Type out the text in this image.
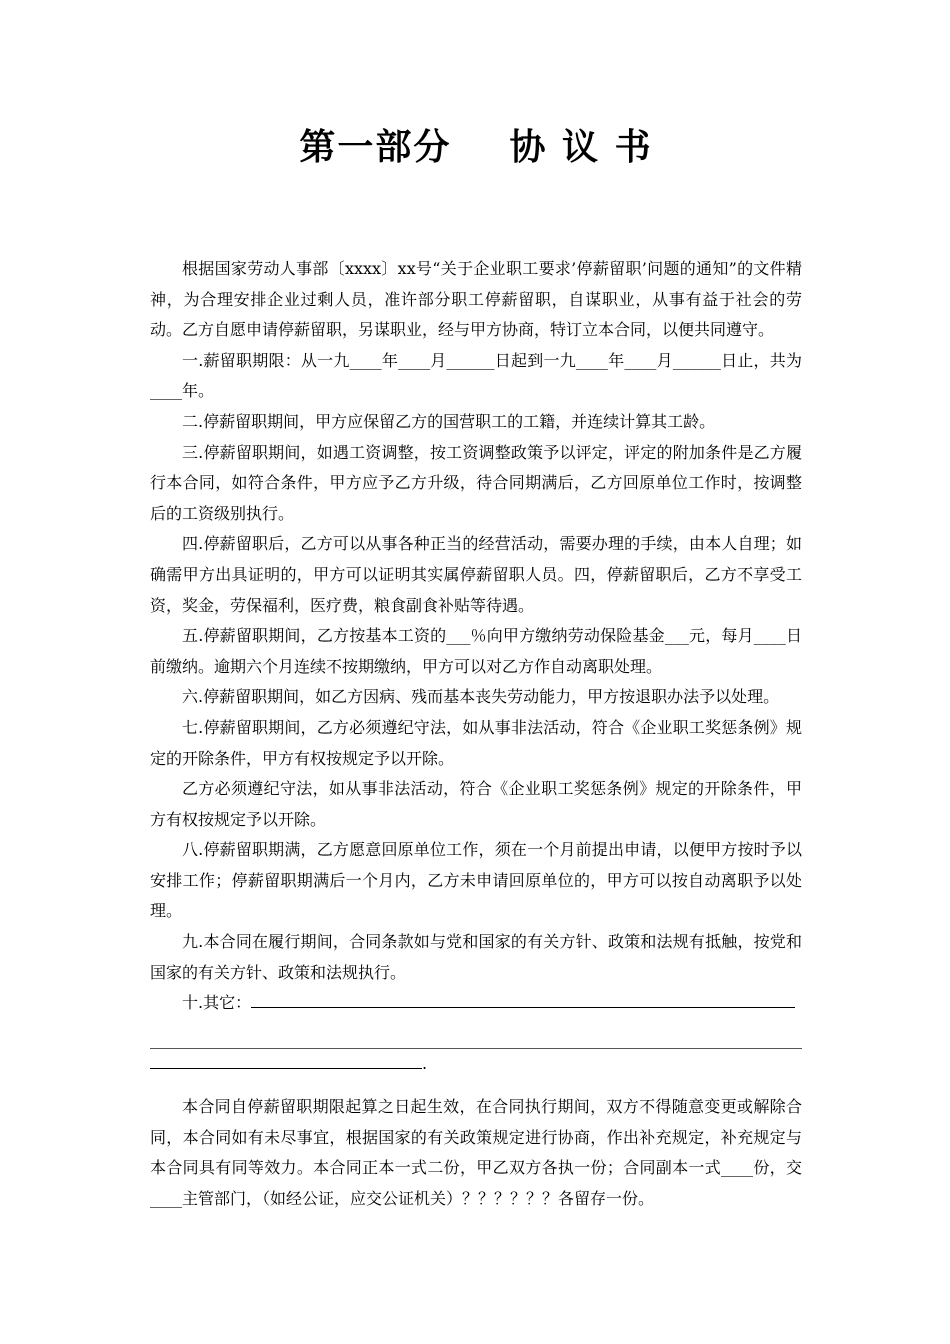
第一部分    协 议 书

根据国家劳动人事部〔xxxx〕xx号“关于企业职工要求’停薪留职’问题的通知”的文件精神，为合理安排企业过剩人员，准许部分职工停薪留职，自谋职业，从事有益于社会的劳动。乙方自愿申请停薪留职，另谋职业，经与甲方协商，特订立本合同，以便共同遵守。

一.薪留职期限：从一九____年____月______日起到一九____年____月______日止，共为____年。

二.停薪留职期间，甲方应保留乙方的国营职工的工籍，并连续计算其工龄。

三.停薪留职期间，如遇工资调整，按工资调整政策予以评定，评定的附加条件是乙方履行本合同，如符合条件，甲方应予乙方升级，待合同期满后，乙方回原单位工作时，按调整后的工资级别执行。

四.停薪留职后，乙方可以从事各种正当的经营活动，需要办理的手续，由本人自理；如确需甲方出具证明的，甲方可以证明其实属停薪留职人员。四，停薪留职后，乙方不享受工资，奖金，劳保福利，医疗费，粮食副食补贴等待遇。

五.停薪留职期间，乙方按基本工资的___％向甲方缴纳劳动保险基金___元，每月____日前缴纳。逾期六个月连续不按期缴纳，甲方可以对乙方作自动离职处理。

六.停薪留职期间，如乙方因病、残而基本丧失劳动能力，甲方按退职办法予以处理。

七.停薪留职期间，乙方必须遵纪守法，如从事非法活动，符合《企业职工奖惩条例》规定的开除条件，甲方有权按规定予以开除。

乙方必须遵纪守法，如从事非法活动，符合《企业职工奖惩条例》规定的开除条件，甲方有权按规定予以开除。

八.停薪留职期满，乙方愿意回原单位工作，须在一个月前提出申请，以便甲方按时予以安排工作；停薪留职期满后一个月内，乙方未申请回原单位的，甲方可以按自动离职予以处理。

九.本合同在履行期间，合同条款如与党和国家的有关方针、政策和法规有抵触，按党和国家的有关方针、政策和法规执行。

十.其它：

.

本合同自停薪留职期限起算之日起生效，在合同执行期间，双方不得随意变更或解除合同，本合同如有未尽事宜，根据国家的有关政策规定进行协商，作出补充规定，补充规定与本合同具有同等效力。本合同正本一式二份，甲乙双方各执一份；合同副本一式____份，交____主管部门，（如经公证，应交公证机关）？？？？？？各留存一份。
